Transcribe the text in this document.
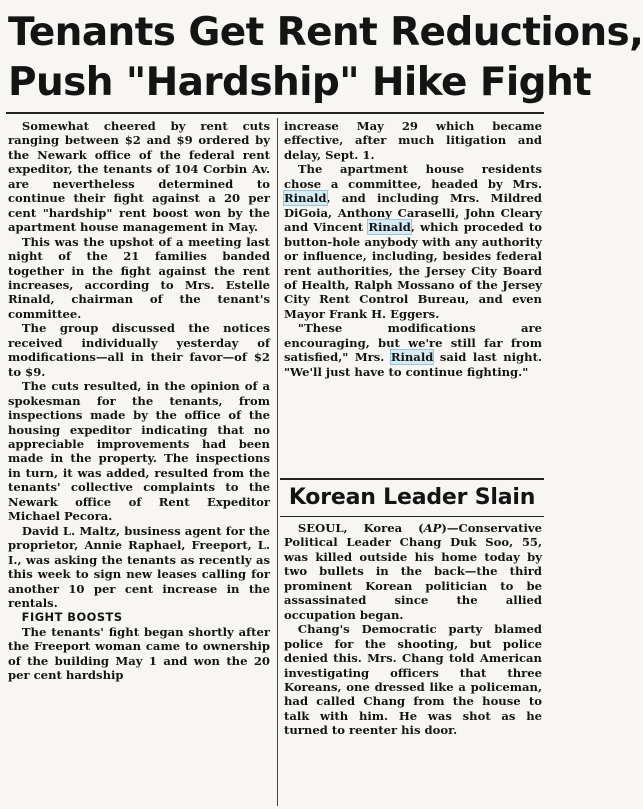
Tenants Get Rent Reductions,
Push "Hardship" Hike Fight

Somewhat cheered by rent cuts ranging between $2 and $9 ordered by the Newark office of the federal rent expeditor, the tenants of 104 Corbin Av. are nevertheless determined to continue their fight against a 20 per cent "hardship" rent boost won by the apartment house management in May.

This was the upshot of a meeting last night of the 21 families banded together in the fight against the rent increases, according to Mrs. Estelle Rinald, chairman of the tenant's committee.

The group discussed the notices received individually yesterday of modifications—all in their favor—of $2 to $9.

The cuts resulted, in the opinion of a spokesman for the tenants, from inspections made by the office of the housing expeditor indicating that no appreciable improvements had been made in the property. The inspections in turn, it was added, resulted from the tenants' collective complaints to the Newark office of Rent Expeditor Michael Pecora.

David L. Maltz, business agent for the proprietor, Annie Raphael, Freeport, L. I., was asking the tenants as recently as this week to sign new leases calling for another 10 per cent increase in the rentals.

FIGHT BOOSTS

The tenants' fight began shortly after the Freeport woman came to ownership of the building May 1 and won the 20 per cent hardship

increase May 29 which became effective, after much litigation and delay, Sept. 1.

The apartment house residents chose a committee, headed by Mrs. Rinald, and including Mrs. Mildred DiGoia, Anthony Caraselli, John Cleary and Vincent Rinald, which proceded to button-hole anybody with any authority or influence, including, besides federal rent authorities, the Jersey City Board of Health, Ralph Mossano of the Jersey City Rent Control Bureau, and even Mayor Frank H. Eggers.

"These modifications are encouraging, but we're still far from satisfied," Mrs. Rinald said last night. "We'll just have to continue fighting."

Korean Leader Slain

SEOUL, Korea (AP)—Conservative Political Leader Chang Duk Soo, 55, was killed outside his home today by two bullets in the back—the third prominent Korean politician to be assassinated since the allied occupation began.

Chang's Democratic party blamed police for the shooting, but police denied this. Mrs. Chang told American investigating officers that three Koreans, one dressed like a policeman, had called Chang from the house to talk with him. He was shot as he turned to reenter his door.
